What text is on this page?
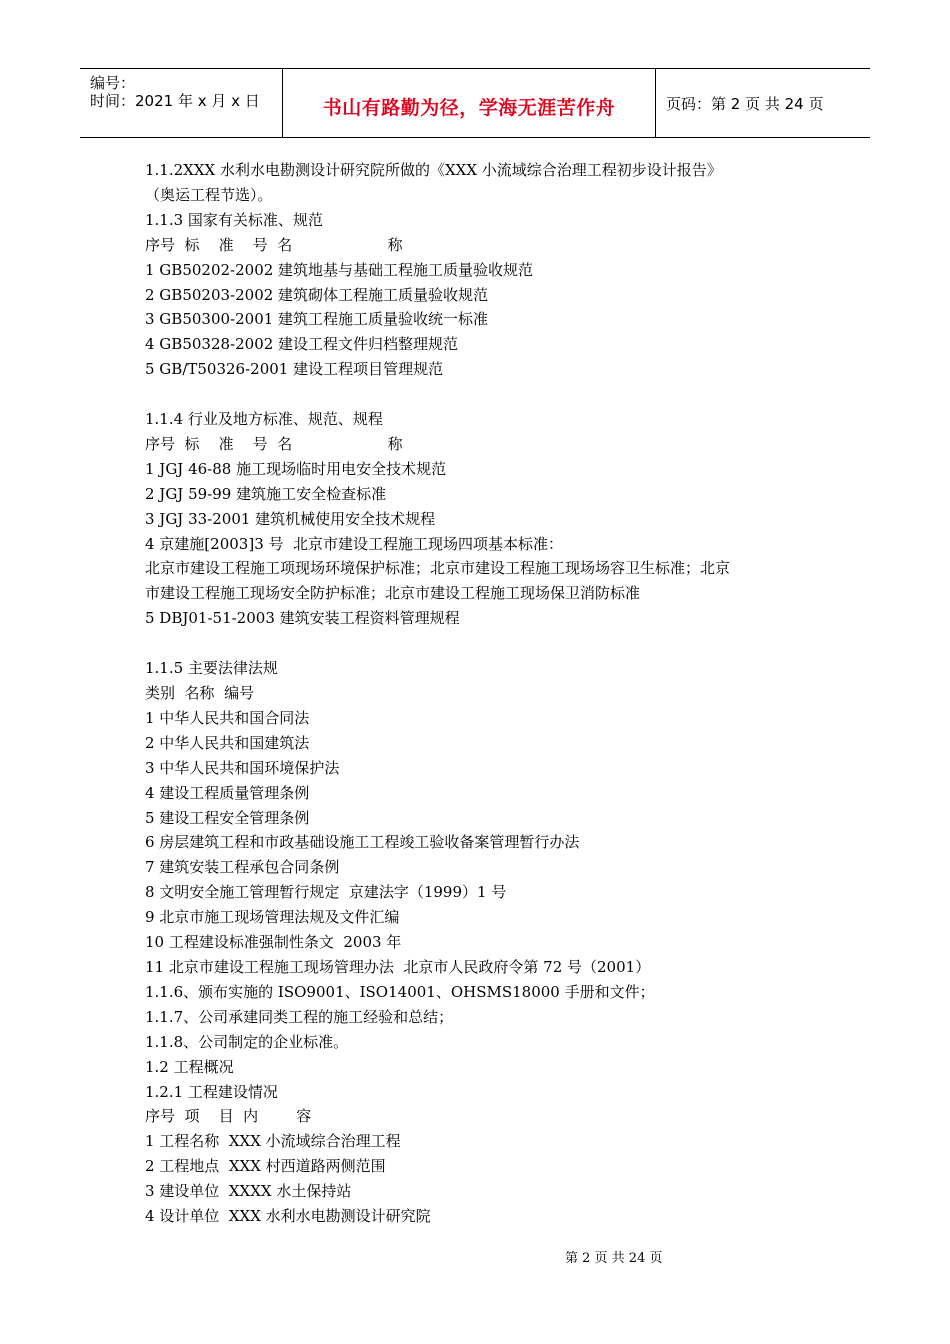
编号：
时间：2021 年 x 月 x 日	书山有路勤为径，学海无涯苦作舟	页码：第 2 页 共 24 页
1.1.2XXX 水利水电勘测设计研究院所做的《XXX 小流域综合治理工程初步设计报告》
（奥运工程节选）。
1.1.3 国家有关标准、规范
序号  标    准    号  名                    称
1 GB50202-2002 建筑地基与基础工程施工质量验收规范
2 GB50203-2002 建筑砌体工程施工质量验收规范
3 GB50300-2001 建筑工程施工质量验收统一标准
4 GB50328-2002 建设工程文件归档整理规范
5 GB/T50326-2001 建设工程项目管理规范
1.1.4 行业及地方标准、规范、规程
序号  标    准    号  名                    称
1 JGJ 46-88 施工现场临时用电安全技术规范
2 JGJ 59-99 建筑施工安全检查标准
3 JGJ 33-2001 建筑机械使用安全技术规程
4 京建施[2003]3 号  北京市建设工程施工现场四项基本标准：
北京市建设工程施工项现场环境保护标准；北京市建设工程施工现场场容卫生标准；北京
市建设工程施工现场安全防护标准；北京市建设工程施工现场保卫消防标准
5 DBJ01-51-2003 建筑安装工程资料管理规程
1.1.5 主要法律法规
类别  名称  编号
1 中华人民共和国合同法
2 中华人民共和国建筑法
3 中华人民共和国环境保护法
4 建设工程质量管理条例
5 建设工程安全管理条例
6 房层建筑工程和市政基础设施工工程竣工验收备案管理暂行办法
7 建筑安装工程承包合同条例
8 文明安全施工管理暂行规定  京建法字（1999）1 号
9 北京市施工现场管理法规及文件汇编
10 工程建设标准强制性条文  2003 年
11 北京市建设工程施工现场管理办法  北京市人民政府令第 72 号（2001）
1.1.6、颁布实施的 ISO9001、ISO14001、OHSMS18000 手册和文件；
1.1.7、公司承建同类工程的施工经验和总结；
1.1.8、公司制定的企业标准。
1.2 工程概况
1.2.1 工程建设情况
序号  项    目  内        容
1 工程名称  XXX 小流域综合治理工程
2 工程地点  XXX 村西道路两侧范围
3 建设单位  XXXX 水土保持站
4 设计单位  XXX 水利水电勘测设计研究院
第 2 页 共 24 页
